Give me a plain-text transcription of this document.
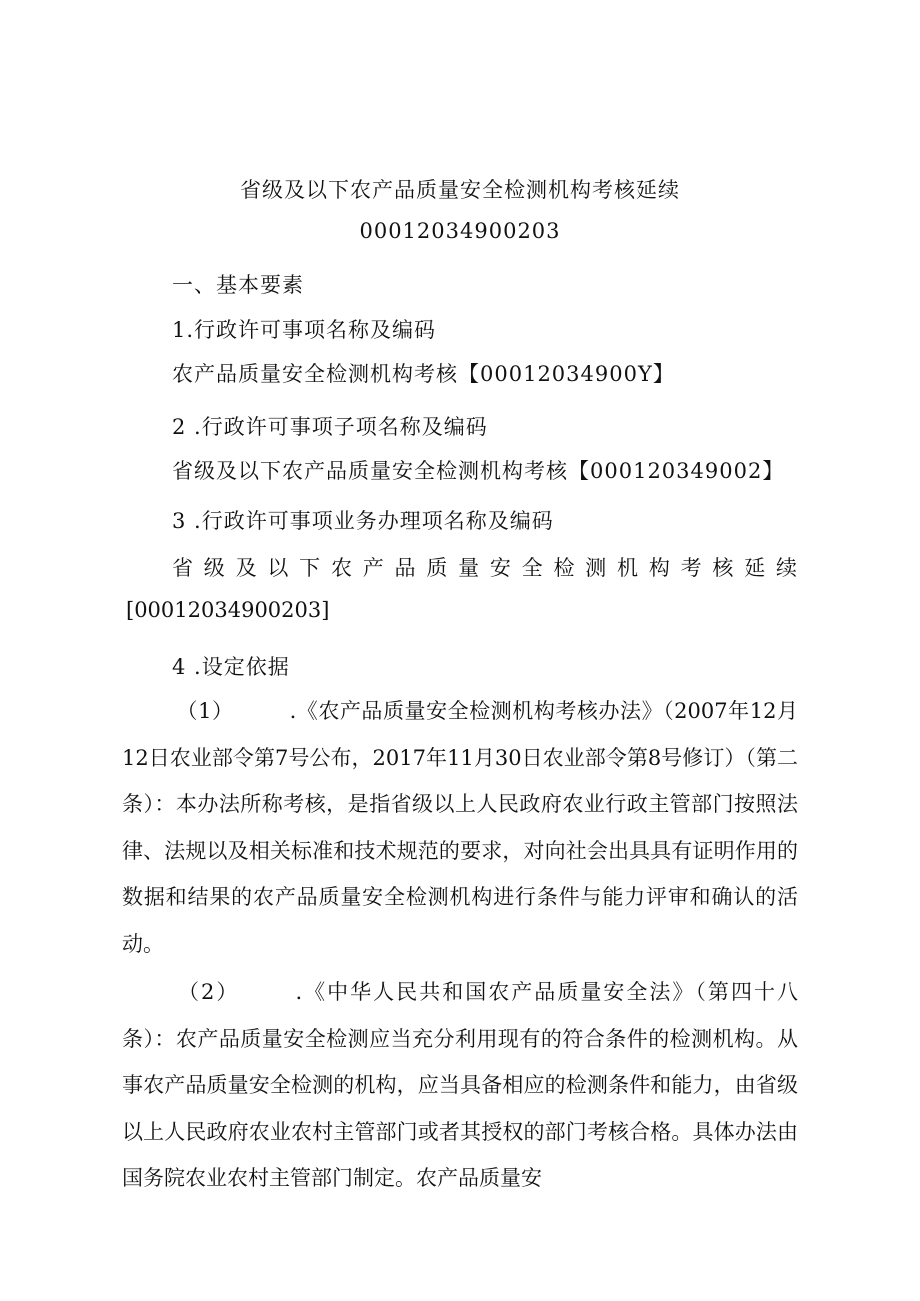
省级及以下农产品质量安全检测机构考核延续
00012034900203
一、基本要素
1.行政许可事项名称及编码
农产品质量安全检测机构考核【00012034900Y】
2 .行政许可事项子项名称及编码
省级及以下农产品质量安全检测机构考核【000120349002】
3 .行政许可事项业务办理项名称及编码
省级及以下农产品质量安全检测机构考核延续
[00012034900203]
4 .设定依据
（1）	.《农产品质量安全检测机构考核办法》（2007年12月12日农业部令第7号公布，2017年11月30日农业部令第8号修订）（第二条）：本办法所称考核，是指省级以上人民政府农业行政主管部门按照法律、法规以及相关标准和技术规范的要求，对向社会出具具有证明作用的数据和结果的农产品质量安全检测机构进行条件与能力评审和确认的活动。
（2）	.《中华人民共和国农产品质量安全法》（第四十八条）：农产品质量安全检测应当充分利用现有的符合条件的检测机构。从事农产品质量安全检测的机构，应当具备相应的检测条件和能力，由省级以上人民政府农业农村主管部门或者其授权的部门考核合格。具体办法由国务院农业农村主管部门制定。农产品质量安
